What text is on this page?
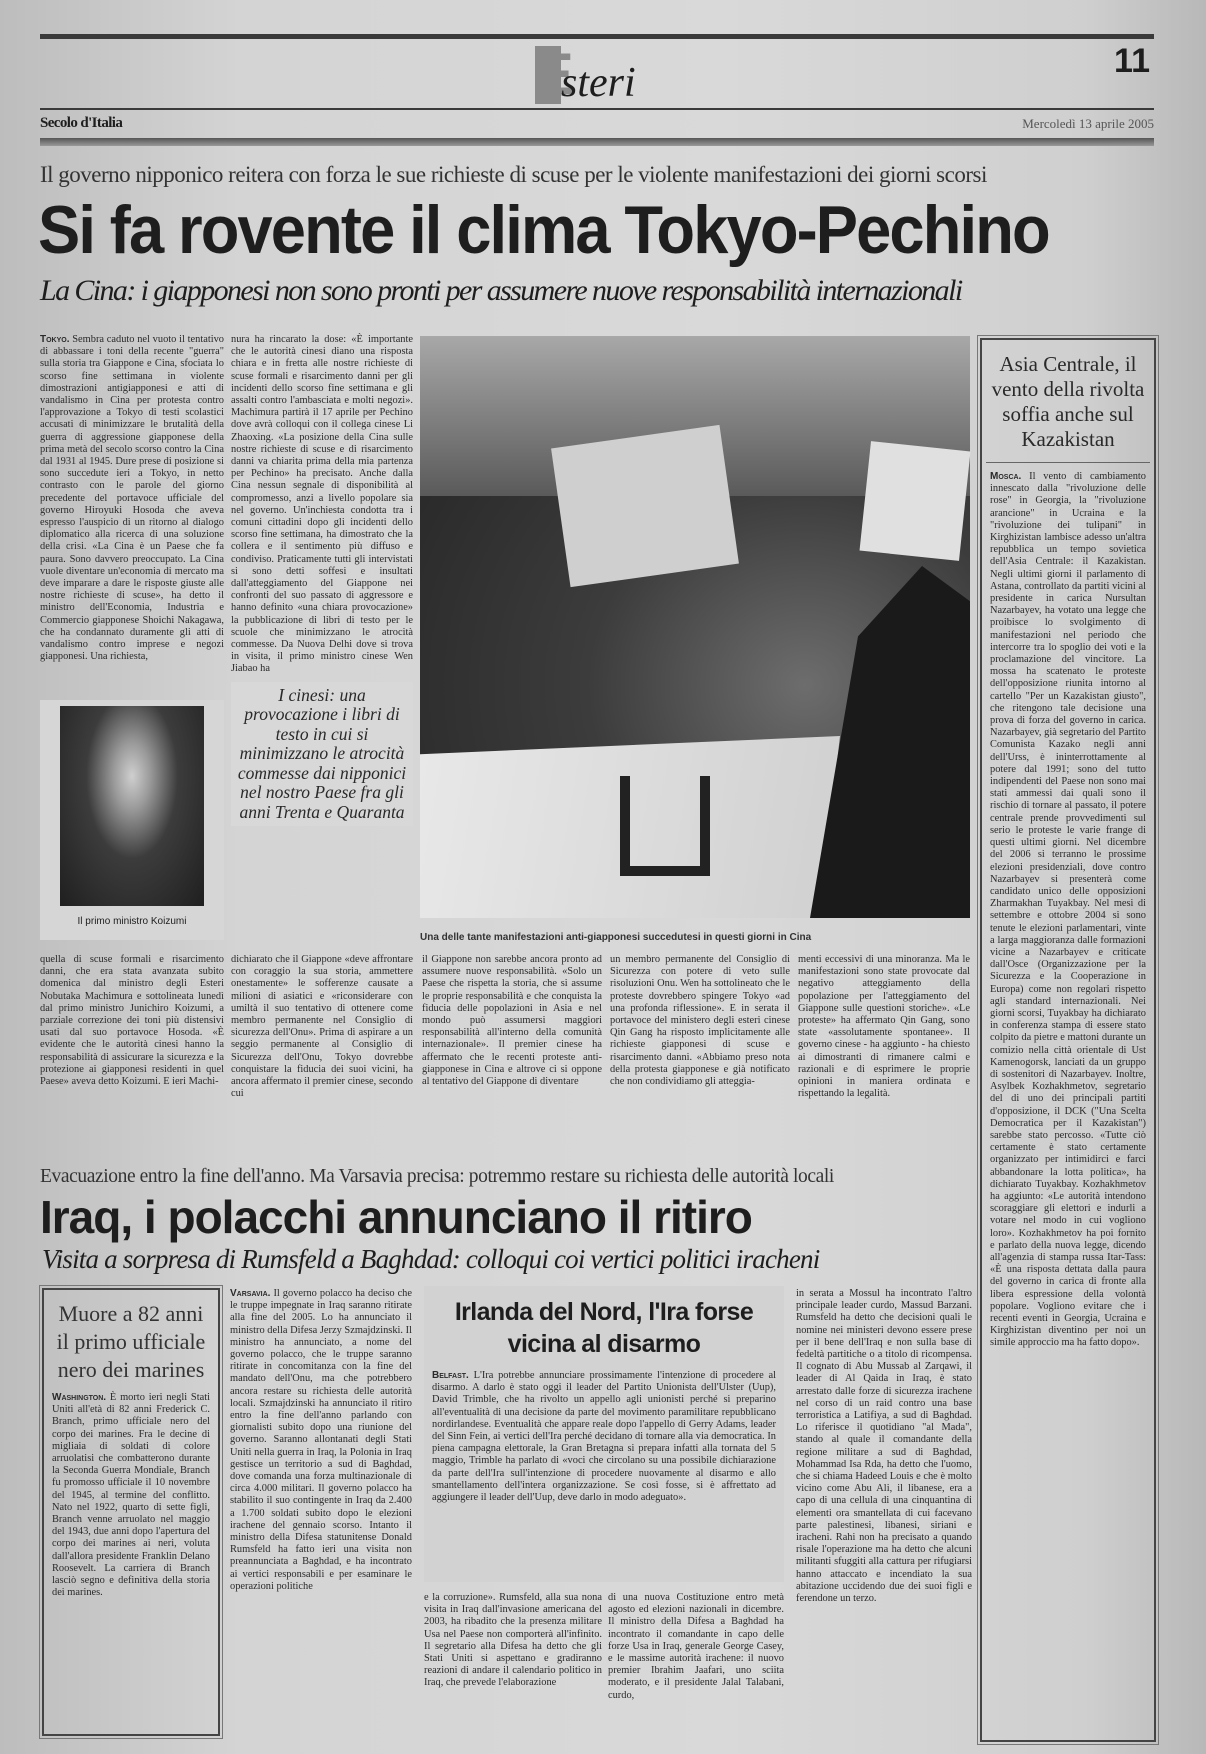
Esteri	11
Secolo d'Italia	Mercoledì 13 aprile 2005
Il governo nipponico reitera con forza le sue richieste di scuse per le violente manifestazioni dei giorni scorsi
Si fa rovente il clima Tokyo-Pechino
La Cina: i giapponesi non sono pronti per assumere nuove responsabilità internazionali
Tokyo. Sembra caduto nel vuoto il tentativo di abbassare i toni della recente "guerra" sulla storia tra Giappone e Cina, sfociata lo scorso fine settimana in violente dimostrazioni antigiapponesi e atti di vandalismo in Cina per protesta contro l'approvazione a Tokyo di testi scolastici accusati di minimizzare le brutalità della guerra di aggressione giapponese della prima metà del secolo scorso contro la Cina dal 1931 al 1945. Dure prese di posizione si sono succedute ieri a Tokyo, in netto contrasto con le parole del giorno precedente del portavoce ufficiale del governo Hiroyuki Hosoda che aveva espresso l'auspicio di un ritorno al dialogo diplomatico alla ricerca di una soluzione della crisi. «La Cina è un Paese che fa paura. Sono davvero preoccupato. La Cina vuole diventare un'economia di mercato ma deve imparare a dare le risposte giuste alle nostre richieste di scuse», ha detto il ministro dell'Economia, Industria e Commercio giapponese Shoichi Nakagawa, che ha condannato duramente gli atti di vandalismo contro imprese e negozi giapponesi. Una richiesta,
nura ha rincarato la dose: «È importante che le autorità cinesi diano una risposta chiara e in fretta alle nostre richieste di scuse formali e risarcimento danni per gli incidenti dello scorso fine settimana e gli assalti contro l'ambasciata e molti negozi». Machimura partirà il 17 aprile per Pechino dove avrà colloqui con il collega cinese Li Zhaoxing. «La posizione della Cina sulle nostre richieste di scuse e di risarcimento danni va chiarita prima della mia partenza per Pechino» ha precisato. Anche dalla Cina nessun segnale di disponibilità al compromesso, anzi a livello popolare sia nel governo. Un'inchiesta condotta tra i comuni cittadini dopo gli incidenti dello scorso fine settimana, ha dimostrato che la collera e il sentimento più diffuso e condiviso. Praticamente tutti gli intervistati si sono detti soffesi e insultati dall'atteggiamento del Giappone nei confronti del suo passato di aggressore e hanno definito «una chiara provocazione» la pubblicazione di libri di testo per le scuole che minimizzano le atrocità commesse. Da Nuova Delhi dove si trova in visita, il primo ministro cinese Wen Jiabao ha
I cinesi: una provocazione i libri di testo in cui si minimizzano le atrocità commesse dai nipponici nel nostro Paese fra gli anni Trenta e Quaranta
Il primo ministro Koizumi
Una delle tante manifestazioni anti-giapponesi succedutesi in questi giorni in Cina
quella di scuse formali e risarcimento danni, che era stata avanzata subito domenica dal ministro degli Esteri Nobutaka Machimura e sottolineata lunedì dal primo ministro Junichiro Koizumi, a parziale correzione dei toni più distensivi usati dal suo portavoce Hosoda. «È evidente che le autorità cinesi hanno la responsabilità di assicurare la sicurezza e la protezione ai giapponesi residenti in quel Paese» aveva detto Koizumi. E ieri Machi-
dichiarato che il Giappone «deve affrontare con coraggio la sua storia, ammettere onestamente» le sofferenze causate a milioni di asiatici e «riconsiderare con umiltà il suo tentativo di ottenere come membro permanente nel Consiglio di sicurezza dell'Onu». Prima di aspirare a un seggio permanente al Consiglio di Sicurezza dell'Onu, Tokyo dovrebbe conquistare la fiducia dei suoi vicini, ha ancora affermato il premier cinese, secondo cui
il Giappone non sarebbe ancora pronto ad assumere nuove responsabilità. «Solo un Paese che rispetta la storia, che si assume le proprie responsabilità e che conquista la fiducia delle popolazioni in Asia e nel mondo può assumersi maggiori responsabilità all'interno della comunità internazionale». Il premier cinese ha affermato che le recenti proteste anti-giapponese in Cina e altrove ci si oppone al tentativo del Giappone di diventare
un membro permanente del Consiglio di Sicurezza con potere di veto sulle risoluzioni Onu. Wen ha sottolineato che le proteste dovrebbero spingere Tokyo «ad una profonda riflessione». E in serata il portavoce del ministero degli esteri cinese Qin Gang ha risposto implicitamente alle richieste giapponesi di scuse e risarcimento danni. «Abbiamo preso nota della protesta giapponese e già notificato che non condividiamo gli atteggia-
menti eccessivi di una minoranza. Ma le manifestazioni sono state provocate dal negativo atteggiamento della popolazione per l'atteggiamento del Giappone sulle questioni storiche». «Le proteste» ha affermato Qin Gang, sono state «assolutamente spontanee». Il governo cinese - ha aggiunto - ha chiesto ai dimostranti di rimanere calmi e razionali e di esprimere le proprie opinioni in maniera ordinata e rispettando la legalità.
Asia Centrale, il vento della rivolta soffia anche sul Kazakistan
Mosca. Il vento di cambiamento innescato dalla "rivoluzione delle rose" in Georgia, la "rivoluzione arancione" in Ucraina e la "rivoluzione dei tulipani" in Kirghizistan lambisce adesso un'altra repubblica un tempo sovietica dell'Asia Centrale: il Kazakistan. Negli ultimi giorni il parlamento di Astana, controllato da partiti vicini al presidente in carica Nursultan Nazarbayev, ha votato una legge che proibisce lo svolgimento di manifestazioni nel periodo che intercorre tra lo spoglio dei voti e la proclamazione del vincitore. La mossa ha scatenato le proteste dell'opposizione riunita intorno al cartello "Per un Kazakistan giusto", che ritengono tale decisione una prova di forza del governo in carica. Nazarbayev, già segretario del Partito Comunista Kazako negli anni dell'Urss, è ininterrottamente al potere dal 1991; sono del tutto indipendenti del Paese non sono mai stati ammessi dai quali sono il rischio di tornare al passato, il potere centrale prende provvedimenti sul serio le proteste le varie frange di questi ultimi giorni. Nel dicembre del 2006 si terranno le prossime elezioni presidenziali, dove contro Nazarbayev si presenterà come candidato unico delle opposizioni Zharmakhan Tuyakbay. Nel mesi di settembre e ottobre 2004 si sono tenute le elezioni parlamentari, vinte a larga maggioranza dalle formazioni vicine a Nazarbayev e criticate dall'Osce (Organizzazione per la Sicurezza e la Cooperazione in Europa) come non regolari rispetto agli standard internazionali. Nei giorni scorsi, Tuyakbay ha dichiarato in conferenza stampa di essere stato colpito da pietre e mattoni durante un comizio nella città orientale di Ust Kamenogorsk, lanciati da un gruppo di sostenitori di Nazarbayev. Inoltre, Asylbek Kozhakhmetov, segretario del di uno dei principali partiti d'opposizione, il DCK ("Una Scelta Democratica per il Kazakistan") sarebbe stato percosso. «Tutte ciò certamente è stato certamente organizzato per intimidirci e farci abbandonare la lotta politica», ha dichiarato Tuyakbay. Kozhakhmetov ha aggiunto: «Le autorità intendono scoraggiare gli elettori e indurli a votare nel modo in cui vogliono loro». Kozhakhmetov ha poi fornito e parlato della nuova legge, dicendo all'agenzia di stampa russa Itar-Tass: «È una risposta dettata dalla paura del governo in carica di fronte alla libera espressione della volontà popolare. Vogliono evitare che i recenti eventi in Georgia, Ucraina e Kirghizistan diventino per noi un simile approccio ma ha fatto dopo».
Evacuazione entro la fine dell'anno. Ma Varsavia precisa: potremmo restare su richiesta delle autorità locali
Iraq, i polacchi annunciano il ritiro
Visita a sorpresa di Rumsfeld a Baghdad: colloqui coi vertici politici iracheni
Muore a 82 anni il primo ufficiale nero dei marines
Washington. È morto ieri negli Stati Uniti all'età di 82 anni Frederick C. Branch, primo ufficiale nero del corpo dei marines. Fra le decine di migliaia di soldati di colore arruolatisi che combatterono durante la Seconda Guerra Mondiale, Branch fu promosso ufficiale il 10 novembre del 1945, al termine del conflitto. Nato nel 1922, quarto di sette figli, Branch venne arruolato nel maggio del 1943, due anni dopo l'apertura del corpo dei marines ai neri, voluta dall'allora presidente Franklin Delano Roosevelt. La carriera di Branch lasciò segno e definitiva della storia dei marines.
Varsavia. Il governo polacco ha deciso che le truppe impegnate in Iraq saranno ritirate alla fine del 2005. Lo ha annunciato il ministro della Difesa Jerzy Szmajdzinski. Il ministro ha annunciato, a nome del governo polacco, che le truppe saranno ritirate in concomitanza con la fine del mandato dell'Onu, ma che potrebbero ancora restare su richiesta delle autorità locali. Szmajdzinski ha annunciato il ritiro entro la fine dell'anno parlando con giornalisti subito dopo una riunione del governo. Saranno allontanati degli Stati Uniti nella guerra in Iraq, la Polonia in Iraq gestisce un territorio a sud di Baghdad, dove comanda una forza multinazionale di circa 4.000 militari. Il governo polacco ha stabilito il suo contingente in Iraq da 2.400 a 1.700 soldati subito dopo le elezioni irachene del gennaio scorso. Intanto il ministro della Difesa statunitense Donald Rumsfeld ha fatto ieri una visita non preannunciata a Baghdad, e ha incontrato ai vertici responsabili e per esaminare le operazioni politiche
Irlanda del Nord, l'Ira forse vicina al disarmo
Belfast. L'Ira potrebbe annunciare prossimamente l'intenzione di procedere al disarmo. A darlo è stato oggi il leader del Partito Unionista dell'Ulster (Uup), David Trimble, che ha rivolto un appello agli unionisti perché si preparino all'eventualità di una decisione da parte del movimento paramilitare repubblicano nordirlandese. Eventualità che appare reale dopo l'appello di Gerry Adams, leader del Sinn Fein, ai vertici dell'Ira perché decidano di tornare alla via democratica. In piena campagna elettorale, la Gran Bretagna si prepara infatti alla tornata del 5 maggio, Trimble ha parlato di «voci che circolano su una possibile dichiarazione da parte dell'Ira sull'intenzione di procedere nuovamente al disarmo e allo smantellamento dell'intera organizzazione. Se così fosse, si è affrettato ad aggiungere il leader dell'Uup, deve darlo in modo adeguato».
e la corruzione». Rumsfeld, alla sua nona visita in Iraq dall'invasione americana del 2003, ha ribadito che la presenza militare Usa nel Paese non comporterà all'infinito. Il segretario alla Difesa ha detto che gli Stati Uniti si aspettano e gradiranno reazioni di andare il calendario politico in Iraq, che prevede l'elaborazione
di una nuova Costituzione entro metà agosto ed elezioni nazionali in dicembre. Il ministro della Difesa a Baghdad ha incontrato il comandante in capo delle forze Usa in Iraq, generale George Casey, e le massime autorità irachene: il nuovo premier Ibrahim Jaafari, uno sciita moderato, e il presidente Jalal Talabani, curdo,
in serata a Mossul ha incontrato l'altro principale leader curdo, Massud Barzani. Rumsfeld ha detto che decisioni quali le nomine nei ministeri devono essere prese per il bene dell'Iraq e non sulla base di fedeltà partitiche o a titolo di ricompensa. Il cognato di Abu Mussab al Zarqawi, il leader di Al Qaida in Iraq, è stato arrestato dalle forze di sicurezza irachene nel corso di un raid contro una base terroristica a Latifiya, a sud di Baghdad. Lo riferisce il quotidiano "al Mada", stando al quale il comandante della regione militare a sud di Baghdad, Mohammad Isa Rda, ha detto che l'uomo, che si chiama Hadeed Louis e che è molto vicino come Abu Ali, il libanese, era a capo di una cellula di una cinquantina di elementi ora smantellata di cui facevano parte palestinesi, libanesi, siriani e iracheni. Rahi non ha precisato a quando risale l'operazione ma ha detto che alcuni militanti sfuggiti alla cattura per rifugiarsi hanno attaccato e incendiato la sua abitazione uccidendo due dei suoi figli e ferendone un terzo.
